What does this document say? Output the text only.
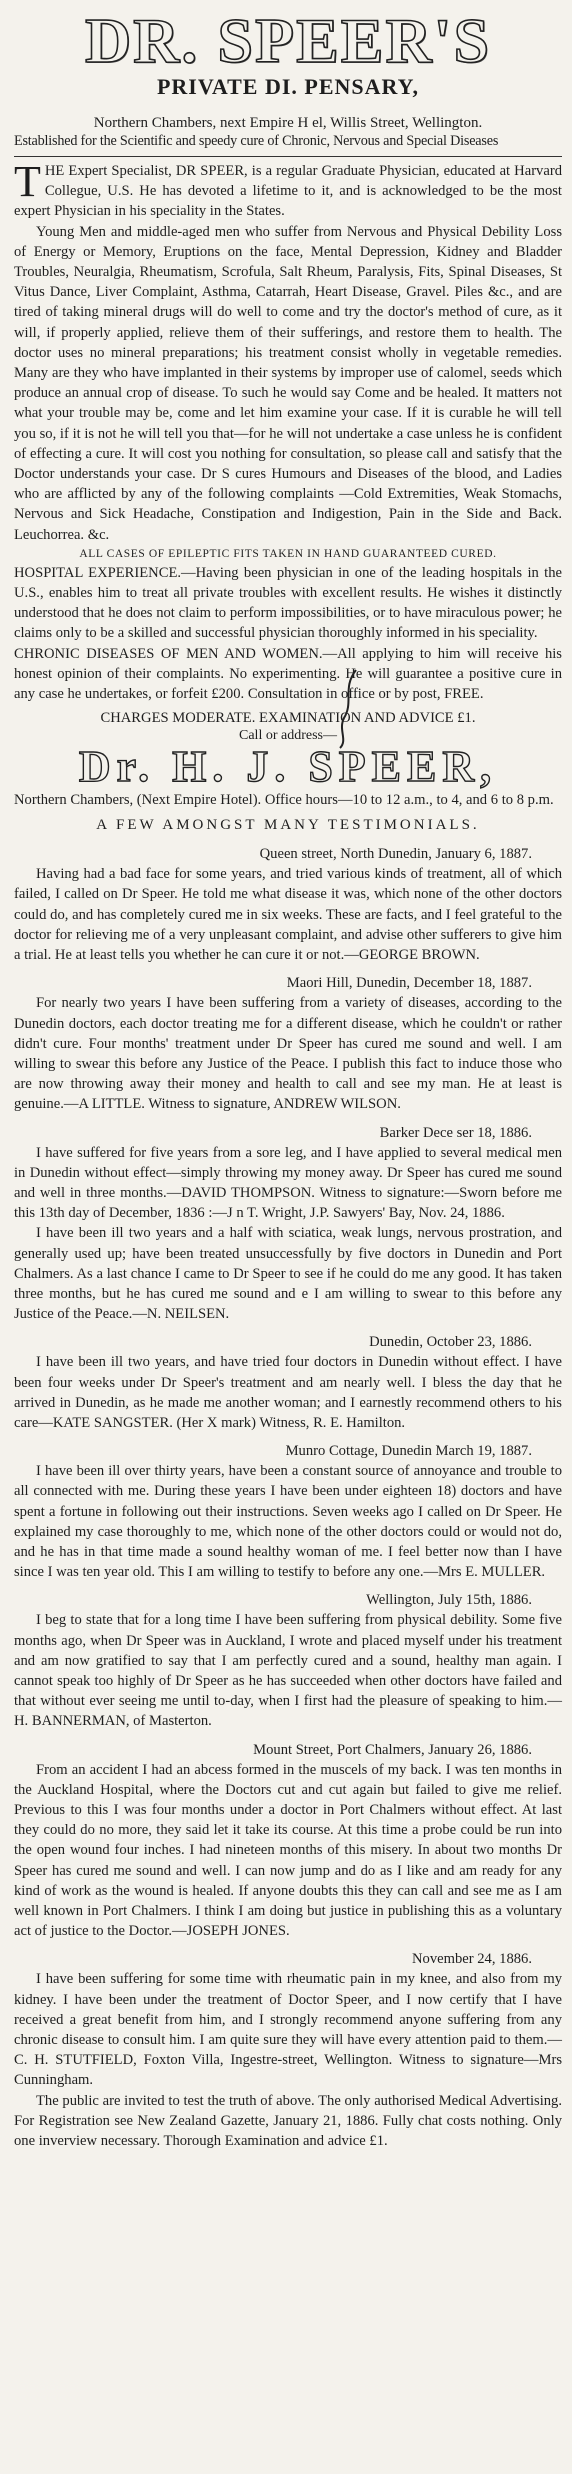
DR. SPEER'S
PRIVATE DI. PENSARY,
Northern Chambers, next Empire H el, Willis Street, Wellington.
Established for the Scientific and speedy cure of Chronic, Nervous and Special Diseases

THE Expert Specialist, DR SPEER, is a regular Graduate Physician, educated at Harvard Collegue, U.S. He has devoted a lifetime to it, and is acknowledged to be the most expert Physician in his speciality in the States.

Young Men and middle-aged men who suffer from Nervous and Physical Debility Loss of Energy or Memory, Eruptions on the face, Mental Depression, Kidney and Bladder Troubles, Neuralgia, Rheumatism, Scrofula, Salt Rheum, Paralysis, Fits, Spinal Diseases, St Vitus Dance, Liver Complaint, Asthma, Catarrah, Heart Disease, Gravel. Piles &c., and are tired of taking mineral drugs will do well to come and try the doctor's method of cure, as it will, if properly applied, relieve them of their sufferings, and restore them to health. The doctor uses no mineral preparations; his treatment consist wholly in vegetable remedies. Many are they who have implanted in their systems by improper use of calomel, seeds which produce an annual crop of disease. To such he would say Come and be healed. It matters not what your trouble may be, come and let him examine your case. If it is curable he will tell you so, if it is not he will tell you that—for he will not undertake a case unless he is confident of effecting a cure. It will cost you nothing for consultation, so please call and satisfy that the Doctor understands your case. Dr S cures Humours and Diseases of the blood, and Ladies who are afflicted by any of the following complaints —Cold Extremities, Weak Stomachs, Nervous and Sick Headache, Constipation and Indigestion, Pain in the Side and Back. Leuchorrea. &c.

ALL CASES OF EPILEPTIC FITS TAKEN IN HAND GUARANTEED CURED.

HOSPITAL EXPERIENCE.—Having been physician in one of the leading hospitals in the U.S., enables him to treat all private troubles with excellent results. He wishes it distinctly understood that he does not claim to perform impossibilities, or to have miraculous power; he claims only to be a skilled and successful physician thoroughly informed in his speciality.

CHRONIC DISEASES OF MEN AND WOMEN.—All applying to him will receive his honest opinion of their complaints. No experimenting. He will guarantee a positive cure in any case he undertakes, or forfeit £200. Consultation in office or by post, FREE.

CHARGES MODERATE. EXAMINATION AND ADVICE £1.

Call or address—

Dr. H. J. SPEER,

Northern Chambers, (Next Empire Hotel). Office hours—10 to 12 a.m., to 4, and 6 to 8 p.m.

A FEW AMONGST MANY TESTIMONIALS.

Queen street, North Dunedin, January 6, 1887.

Having had a bad face for some years, and tried various kinds of treatment, all of which failed, I called on Dr Speer. He told me what disease it was, which none of the other doctors could do, and has completely cured me in six weeks. These are facts, and I feel grateful to the doctor for relieving me of a very unpleasant complaint, and advise other sufferers to give him a trial. He at least tells you whether he can cure it or not.—GEORGE BROWN.

Maori Hill, Dunedin, December 18, 1887.

For nearly two years I have been suffering from a variety of diseases, according to the Dunedin doctors, each doctor treating me for a different disease, which he couldn't or rather didn't cure. Four months' treatment under Dr Speer has cured me sound and well. I am willing to swear this before any Justice of the Peace. I publish this fact to induce those who are now throwing away their money and health to call and see my man. He at least is genuine.—A LITTLE. Witness to signature, ANDREW WILSON.

Barker Dece ser 18, 1886.

I have suffered for five years from a sore leg, and I have applied to several medical men in Dunedin without effect—simply throwing my money away. Dr Speer has cured me sound and well in three months.—DAVID THOMPSON. Witness to signature:—Sworn before me this 13th day of December, 1836 :—J n T. Wright, J.P. Sawyers' Bay, Nov. 24, 1886.

I have been ill two years and a half with sciatica, weak lungs, nervous prostration, and generally used up; have been treated unsuccessfully by five doctors in Dunedin and Port Chalmers. As a last chance I came to Dr Speer to see if he could do me any good. It has taken three months, but he has cured me sound and e I am willing to swear to this before any Justice of the Peace.—N. NEILSEN.

Dunedin, October 23, 1886.

I have been ill two years, and have tried four doctors in Dunedin without effect. I have been four weeks under Dr Speer's treatment and am nearly well. I bless the day that he arrived in Dunedin, as he made me another woman; and I earnestly recommend others to his care—KATE SANGSTER. (Her X mark) Witness, R. E. Hamilton.

Munro Cottage, Dunedin March 19, 1887.

I have been ill over thirty years, have been a constant source of annoyance and trouble to all connected with me. During these years I have been under eighteen 18) doctors and have spent a fortune in following out their instructions. Seven weeks ago I called on Dr Speer. He explained my case thoroughly to me, which none of the other doctors could or would not do, and he has in that time made a sound healthy woman of me. I feel better now than I have since I was ten year old. This I am willing to testify to before any one.—Mrs E. MULLER.

Wellington, July 15th, 1886.

I beg to state that for a long time I have been suffering from physical debility. Some five months ago, when Dr Speer was in Auckland, I wrote and placed myself under his treatment and am now gratified to say that I am perfectly cured and a sound, healthy man again. I cannot speak too highly of Dr Speer as he has succeeded when other doctors have failed and that without ever seeing me until to-day, when I first had the pleasure of speaking to him.—H. BANNERMAN, of Masterton.

Mount Street, Port Chalmers, January 26, 1886.

From an accident I had an abcess formed in the muscels of my back. I was ten months in the Auckland Hospital, where the Doctors cut and cut again but failed to give me relief. Previous to this I was four months under a doctor in Port Chalmers without effect. At last they could do no more, they said let it take its course. At this time a probe could be run into the open wound four inches. I had nineteen months of this misery. In about two months Dr Speer has cured me sound and well. I can now jump and do as I like and am ready for any kind of work as the wound is healed. If anyone doubts this they can call and see me as I am well known in Port Chalmers. I think I am doing but justice in publishing this as a voluntary act of justice to the Doctor.—JOSEPH JONES.

November 24, 1886.

I have been suffering for some time with rheumatic pain in my knee, and also from my kidney. I have been under the treatment of Doctor Speer, and I now certify that I have received a great benefit from him, and I strongly recommend anyone suffering from any chronic disease to consult him. I am quite sure they will have every attention paid to them.—C. H. STUTFIELD, Foxton Villa, Ingestre-street, Wellington. Witness to signature—Mrs Cunningham.

The public are invited to test the truth of above. The only authorised Medical Advertising. For Registration see New Zealand Gazette, January 21, 1886. Fully chat costs nothing. Only one inverview necessary. Thorough Examination and advice £1.
